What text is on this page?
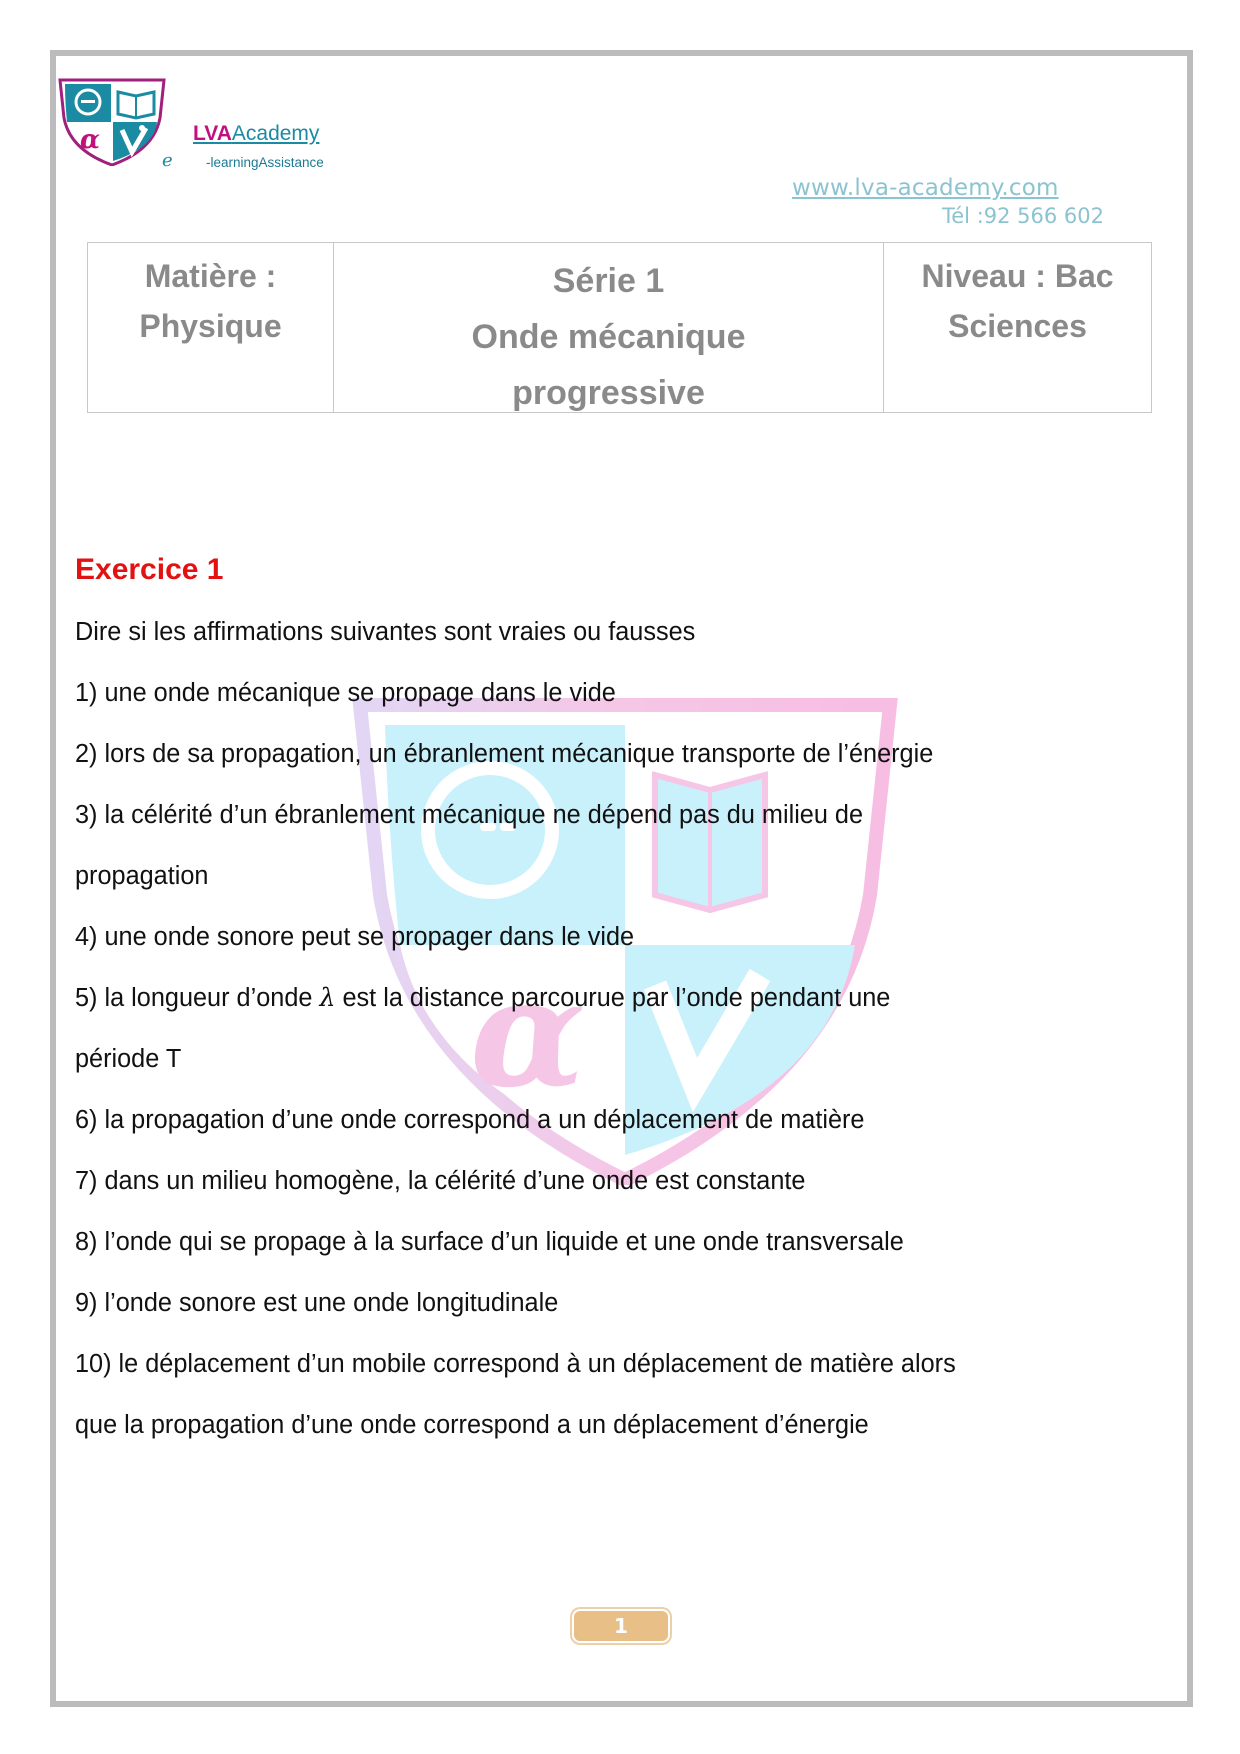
α	LVAAcademy
e -learningAssistance
www.lva-academy.com
Tél :92 566 602
Matière :
Physique
Série 1
Onde mécanique
progressive
Niveau : Bac
Sciences
α
Exercice 1
Dire si les affirmations suivantes sont vraies ou fausses
1) une onde mécanique se propage dans le vide
2) lors de sa propagation, un ébranlement mécanique transporte de l’énergie
3) la célérité d’un ébranlement mécanique ne dépend pas du milieu de
propagation
4) une onde sonore peut se propager dans le vide
5) la longueur d’onde 𝜆 est la distance parcourue par l’onde pendant une
période T
6) la propagation d’une onde correspond a un déplacement de matière
7) dans un milieu homogène, la célérité d’une onde est constante
8) l’onde qui se propage à la surface d’un liquide et une onde transversale
9) l’onde sonore est une onde longitudinale
10) le déplacement d’un mobile correspond à un déplacement de matière alors
que la propagation d’une onde correspond a un déplacement d’énergie
1
